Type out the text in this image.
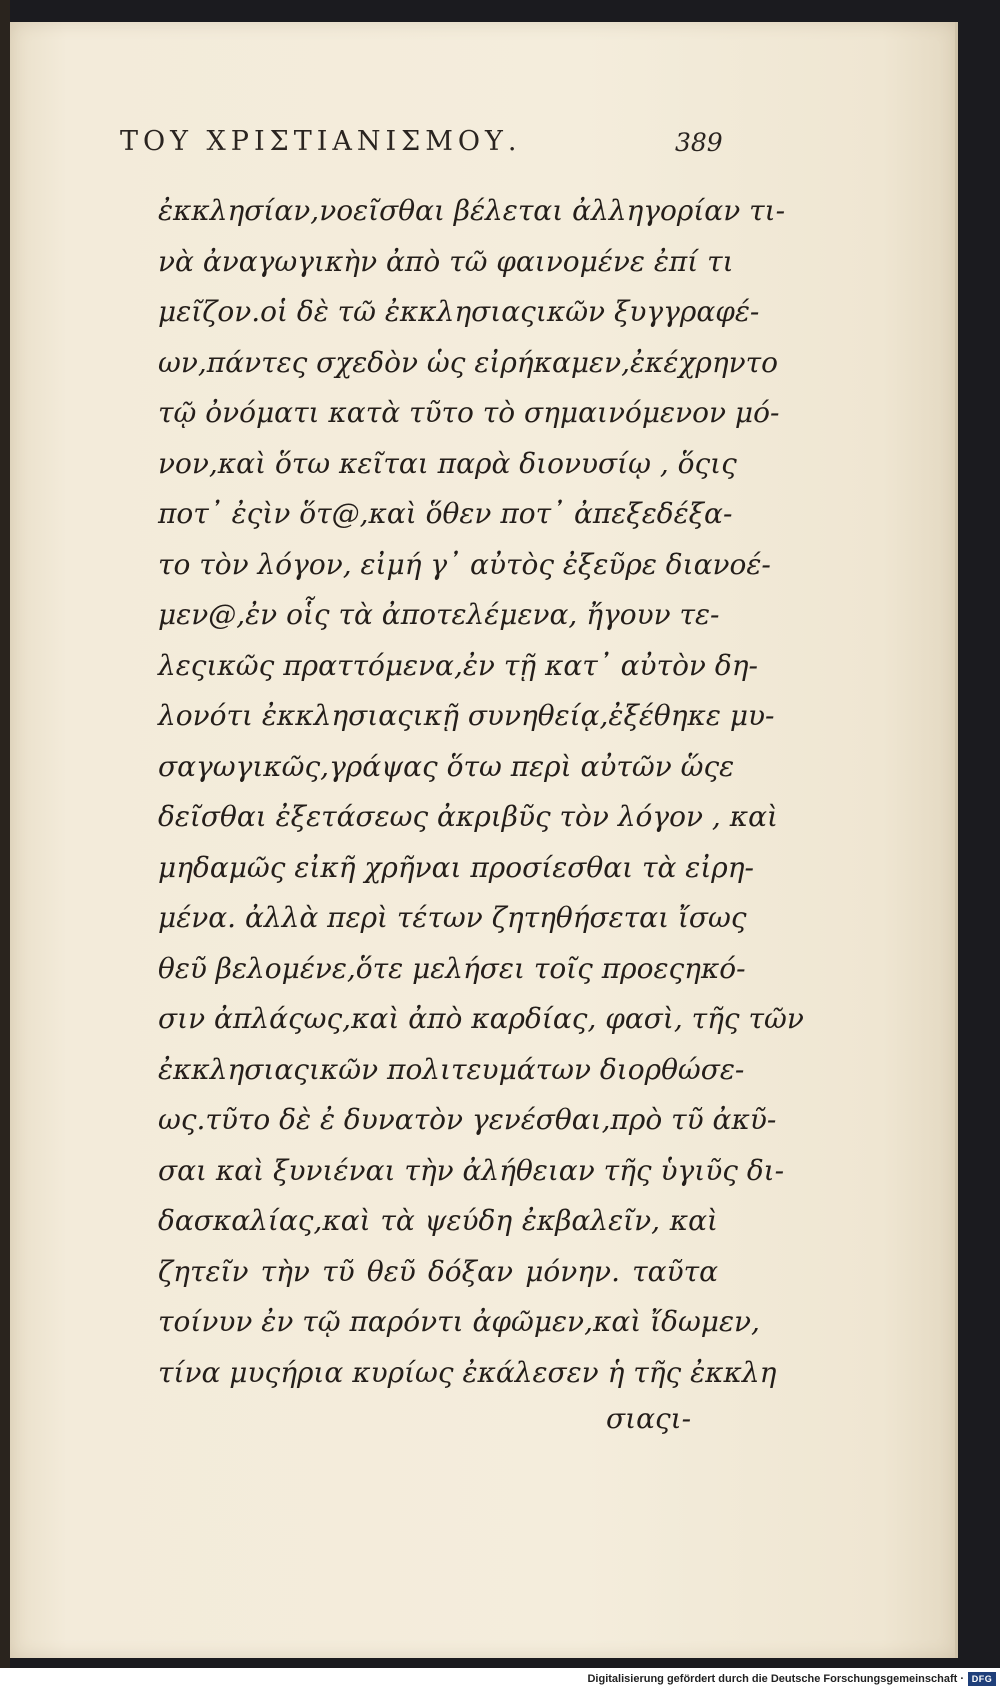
ΤΟΥ ΧΡΙΣΤΙΑΝΙΣΜΟΥ.	389
ἐκκλησίαν,νοεῖσθαι βέλεται ἀλληγορίαν τι-
νὰ ἀναγωγικὴν ἀπὸ τῶ φαινομένε ἐπί τι
μεῖζον.οἱ δὲ τῶ ἐκκλησιαςικῶν ξυγγραφέ-
ων,πάντες σχεδὸν ὡς εἰρήκαμεν,ἐκέχρηντο
τῷ ὀνόματι κατὰ τῦτο τὸ σημαινόμενον μό-
νον,καὶ ὅτω κεῖται παρὰ διονυσίῳ , ὅςις
ποτ᾽ ἐςὶν ὅτ@,καὶ ὅθεν ποτ᾽ ἀπεξεδέξα-
το τὸν λόγον, εἰμή γ᾽ αὐτὸς ἐξεῦρε διανοέ-
μεν@,ἐν οἷς τὰ ἀποτελέμενα, ἤγουν τε-
λεςικῶς πραττόμενα,ἐν τῇ κατ᾽ αὐτὸν δη-
λονότι ἐκκλησιαςικῇ συνηθείᾳ,ἐξέθηκε μυ-
σαγωγικῶς,γράψας ὅτω περὶ αὐτῶν ὥςε
δεῖσθαι ἐξετάσεως ἀκριβῦς τὸν λόγον , καὶ
μηδαμῶς εἰκῆ χρῆναι προσίεσθαι τὰ εἰρη-
μένα. ἀλλὰ περὶ τέτων ζητηθήσεται ἴσως
θεῦ βελομένε,ὅτε μελήσει τοῖς προεςηκό-
σιν ἀπλάςως,καὶ ἀπὸ καρδίας, φασὶ, τῆς τῶν
ἐκκλησιαςικῶν πολιτευμάτων διορθώσε-
ως.τῦτο δὲ ἐ δυνατὸν γενέσθαι,πρὸ τῦ ἀκῦ-
σαι καὶ ξυνιέναι τὴν ἀλήθειαν τῆς ὑγιῦς δι-
δασκαλίας,καὶ τὰ ψεύδη ἐκβαλεῖν, καὶ
ζητεῖν τὴν τῦ θεῦ δόξαν μόνην. ταῦτα
τοίνυν ἐν τῷ παρόντι ἀφῶμεν,καὶ ἴδωμεν,
τίνα μυςήρια κυρίως ἐκάλεσεν ἡ τῆς ἐκκλη
σιαςι-
Digitalisierung gefördert durch die Deutsche Forschungsgemeinschaft · DFG
